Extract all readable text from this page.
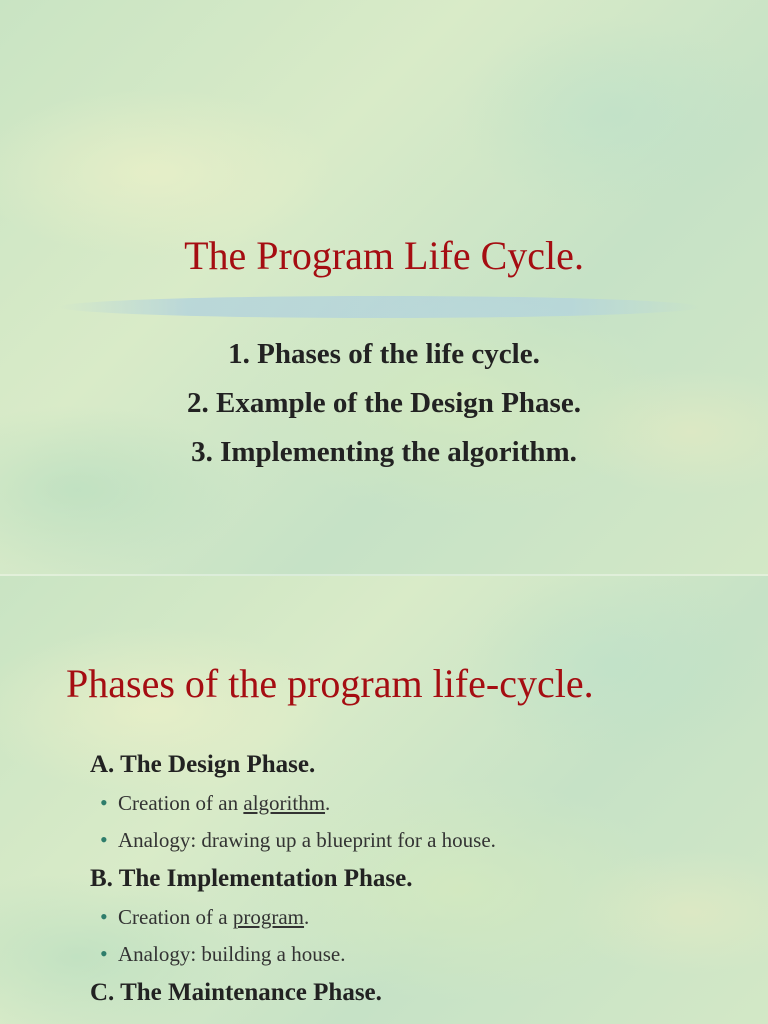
The Program Life Cycle.
1. Phases of the life cycle.
2. Example of the Design Phase.
3. Implementing the algorithm.
Phases of the program life-cycle.
A. The Design Phase.
• Creation of an algorithm.
• Analogy: drawing up a blueprint for a house.
B. The Implementation Phase.
• Creation of a program.
• Analogy: building a house.
C. The Maintenance Phase.
